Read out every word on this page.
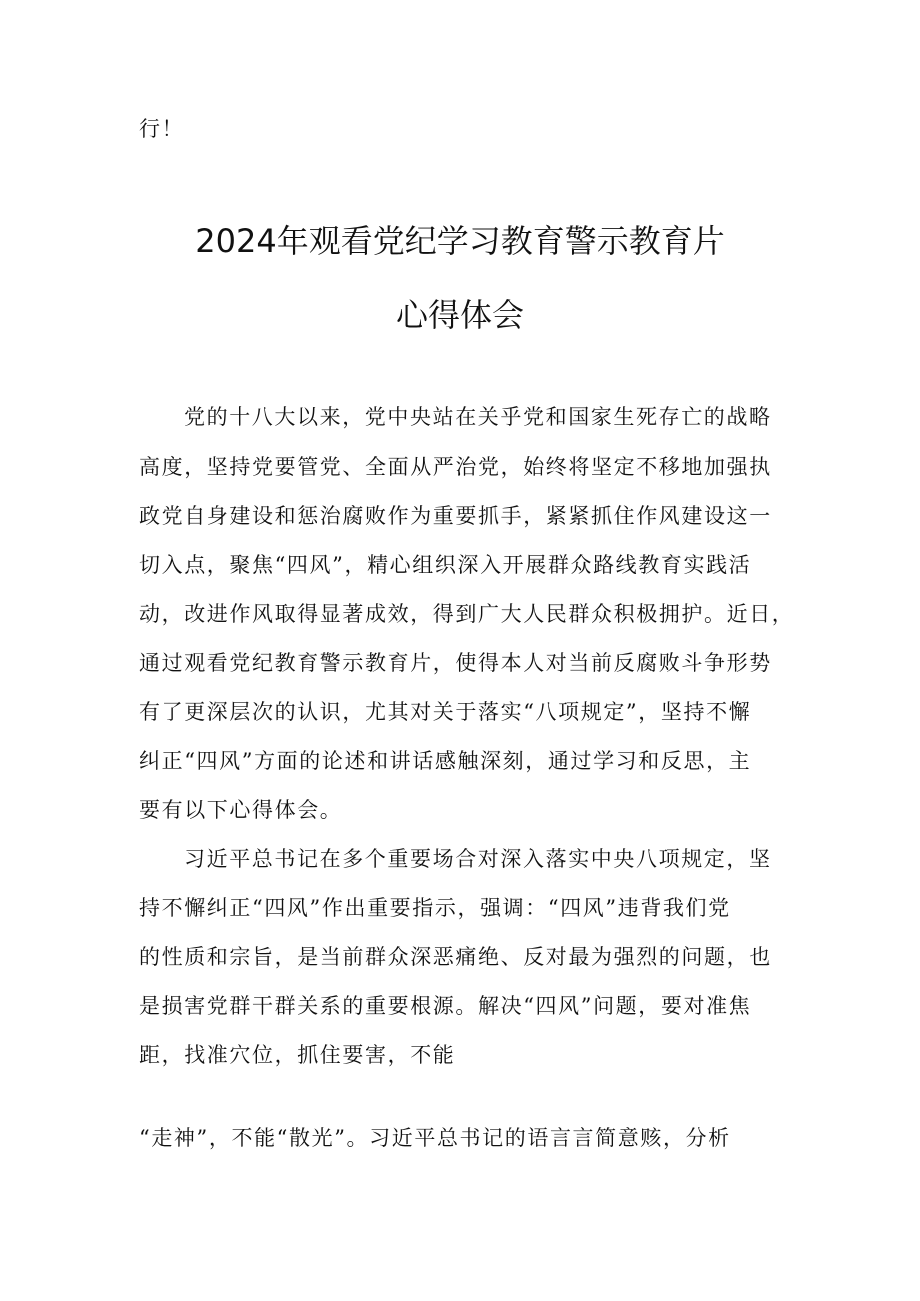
行！
2024年观看党纪学习教育警示教育片
心得体会
党的十八大以来，党中央站在关乎党和国家生死存亡的战略
高度，坚持党要管党、全面从严治党，始终将坚定不移地加强执
政党自身建设和惩治腐败作为重要抓手，紧紧抓住作风建设这一
切入点，聚焦“四风”，精心组织深入开展群众路线教育实践活
动，改进作风取得显著成效，得到广大人民群众积极拥护。近日，
通过观看党纪教育警示教育片，使得本人对当前反腐败斗争形势
有了更深层次的认识，尤其对关于落实“八项规定”，坚持不懈
纠正“四风”方面的论述和讲话感触深刻，通过学习和反思，主
要有以下心得体会。
习近平总书记在多个重要场合对深入落实中央八项规定，坚
持不懈纠正“四风”作出重要指示，强调：“四风”违背我们党
的性质和宗旨，是当前群众深恶痛绝、反对最为强烈的问题，也
是损害党群干群关系的重要根源。解决“四风”问题，要对准焦
距，找准穴位，抓住要害，不能
“走神”，不能“散光”。习近平总书记的语言言简意赅，分析
